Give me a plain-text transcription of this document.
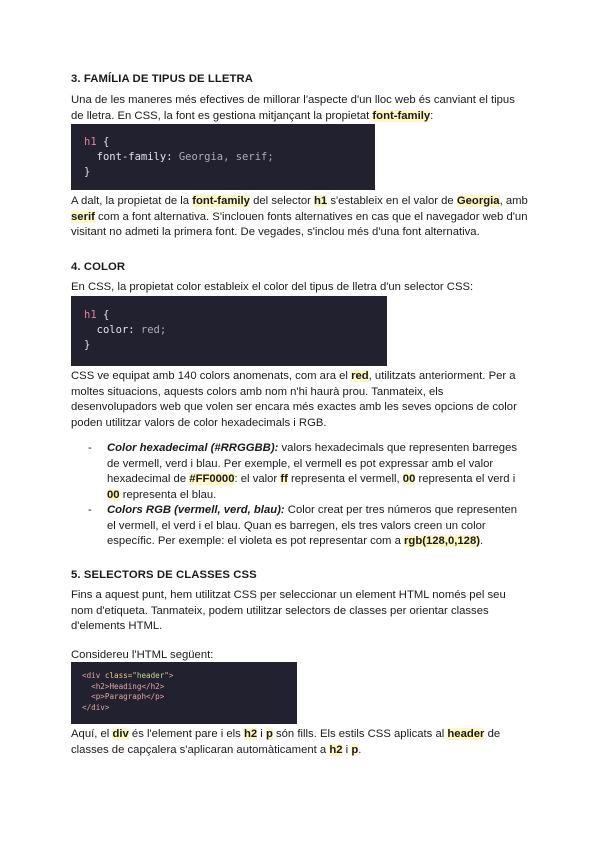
3. FAMÍLIA DE TIPUS DE LLETRA

Una de les maneres més efectives de millorar l'aspecte d'un lloc web és canviant el tipus de lletra. En CSS, la font es gestiona mitjançant la propietat font-family:

h1 {
font-family: Georgia, serif;
}

A dalt, la propietat de la font-family del selector h1 s'estableix en el valor de Georgia, amb serif com a font alternativa. S'inclouen fonts alternatives en cas que el navegador web d'un visitant no admeti la primera font. De vegades, s'inclou més d'una font alternativa.

4. COLOR

En CSS, la propietat color estableix el color del tipus de lletra d'un selector CSS:

h1 {
color: red;
}

CSS ve equipat amb 140 colors anomenats, com ara el red, utilitzats anteriorment. Per a moltes situacions, aquests colors amb nom n'hi haurà prou. Tanmateix, els desenvolupadors web que volen ser encara més exactes amb les seves opcions de color poden utilitzar valors de color hexadecimals i RGB.

- Color hexadecimal (#RRGGBB): valors hexadecimals que representen barreges de vermell, verd i blau. Per exemple, el vermell es pot expressar amb el valor hexadecimal de #FF0000: el valor ff representa el vermell, 00 representa el verd i 00 representa el blau.
- Colors RGB (vermell, verd, blau): Color creat per tres números que representen el vermell, el verd i el blau. Quan es barregen, els tres valors creen un color específic. Per exemple: el violeta es pot representar com a rgb(128,0,128).
5. SELECTORS DE CLASSES CSS

Fins a aquest punt, hem utilitzat CSS per seleccionar un element HTML només pel seu nom d'etiqueta. Tanmateix, podem utilitzar selectors de classes per orientar classes d'elements HTML.

Considereu l'HTML següent:

<div class="header">
<h2>Heading</h2>
<p>Paragraph</p>
</div>

Aquí, el div és l'element pare i els h2 i p són fills. Els estils CSS aplicats al header de classes de capçalera s'aplicaran automàticament a h2 i p.
